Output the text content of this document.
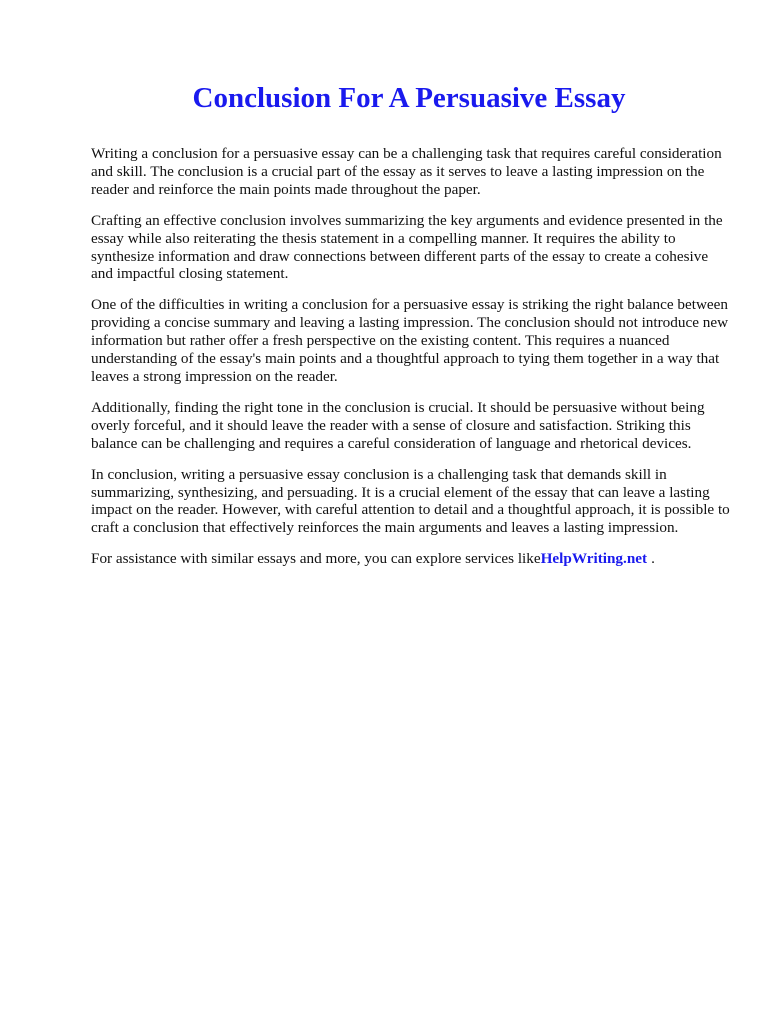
Conclusion For A Persuasive Essay

Writing a conclusion for a persuasive essay can be a challenging task that requires careful consideration and skill. The conclusion is a crucial part of the essay as it serves to leave a lasting impression on the reader and reinforce the main points made throughout the paper.

Crafting an effective conclusion involves summarizing the key arguments and evidence presented in the essay while also reiterating the thesis statement in a compelling manner. It requires the ability to synthesize information and draw connections between different parts of the essay to create a cohesive and impactful closing statement.

One of the difficulties in writing a conclusion for a persuasive essay is striking the right balance between providing a concise summary and leaving a lasting impression. The conclusion should not introduce new information but rather offer a fresh perspective on the existing content. This requires a nuanced understanding of the essay's main points and a thoughtful approach to tying them together in a way that leaves a strong impression on the reader.

Additionally, finding the right tone in the conclusion is crucial. It should be persuasive without being overly forceful, and it should leave the reader with a sense of closure and satisfaction. Striking this balance can be challenging and requires a careful consideration of language and rhetorical devices.

In conclusion, writing a persuasive essay conclusion is a challenging task that demands skill in summarizing, synthesizing, and persuading. It is a crucial element of the essay that can leave a lasting impact on the reader. However, with careful attention to detail and a thoughtful approach, it is possible to craft a conclusion that effectively reinforces the main arguments and leaves a lasting impression.

For assistance with similar essays and more, you can explore services likeHelpWriting.net .
